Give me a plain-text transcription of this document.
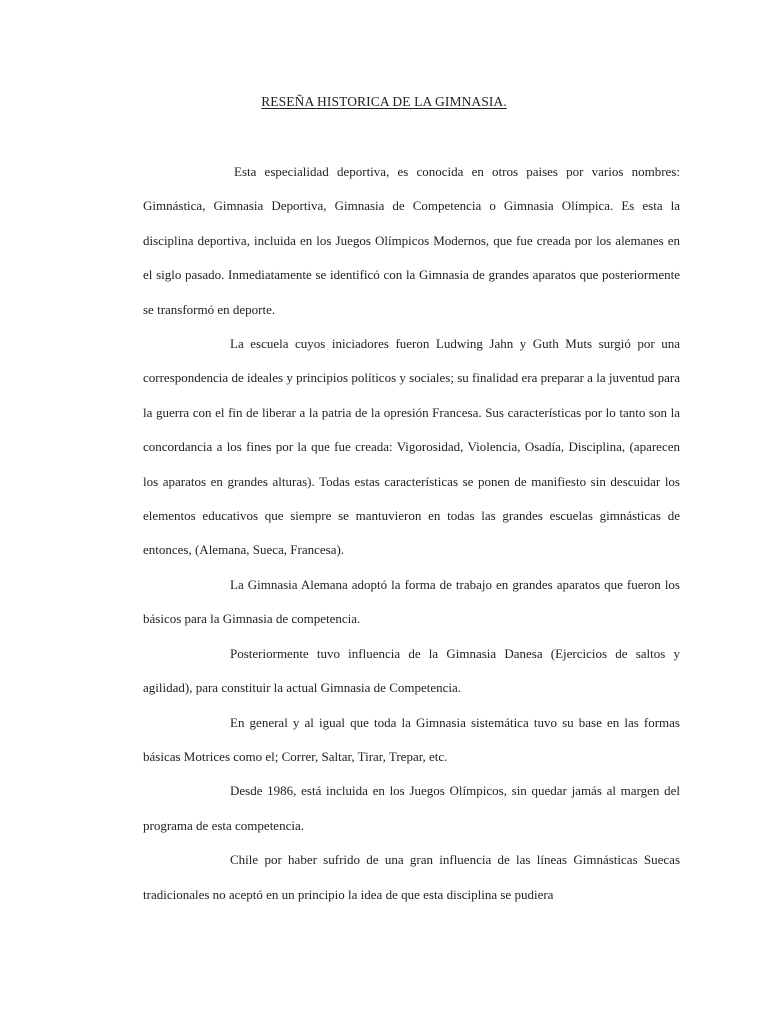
RESEÑA HISTORICA DE LA GIMNASIA.

Esta especialidad deportiva, es conocida en otros paises por varios nombres: Gimnástica, Gimnasia Deportiva, Gimnasia de Competencia o Gimnasia Olímpica. Es esta la disciplina deportiva, incluida en los Juegos Olímpicos Modernos, que fue creada por los alemanes en el siglo pasado. Inmediatamente se identificó con la Gimnasia de grandes aparatos que posteriormente se transformó en deporte.

La escuela cuyos iniciadores fueron Ludwing Jahn y Guth Muts surgió por una correspondencia de ideales y principios políticos y sociales; su finalidad era preparar a la juventud para la guerra con el fin de liberar a la patria de la opresión Francesa. Sus características por lo tanto son la concordancia a los fines por la que fue creada: Vigorosidad, Violencia, Osadía, Disciplina, (aparecen los aparatos en grandes alturas). Todas estas características se ponen de manifiesto sin descuidar los elementos educativos que siempre se mantuvieron en todas las grandes escuelas gimnásticas de entonces, (Alemana, Sueca, Francesa).

La Gimnasia Alemana adoptó la forma de trabajo en grandes aparatos que fueron los básicos para la Gimnasia de competencia.

Posteriormente tuvo influencia de la Gimnasia Danesa (Ejercicios de saltos y agilidad), para constituir la actual Gimnasia de Competencia.

En general y al igual que toda la Gimnasia sistemática tuvo su base en las formas básicas Motrices como el; Correr, Saltar, Tirar, Trepar, etc.

Desde 1986, está incluida en los Juegos Olímpicos, sin quedar jamás al margen del programa de esta competencia.

Chile por haber sufrido de una gran influencia de las líneas Gimnásticas Suecas tradicionales no aceptó en un principio la idea de que esta disciplina se pudiera
